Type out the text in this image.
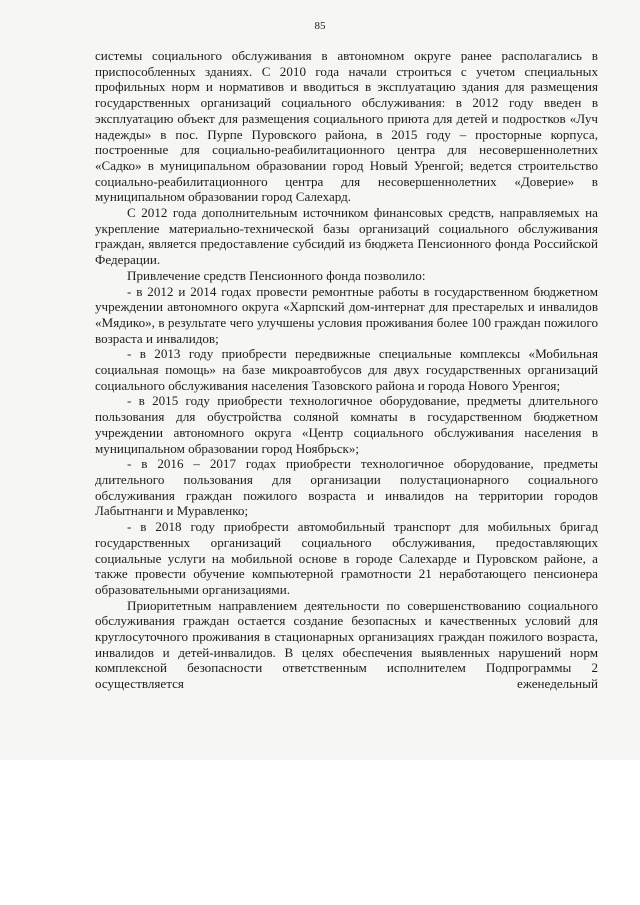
85

системы социального обслуживания в автономном округе ранее располагались в приспособленных зданиях. С 2010 года начали строиться с учетом специальных профильных норм и нормативов и вводиться в эксплуатацию здания для размещения государственных организаций социального обслуживания: в 2012 году введен в эксплуатацию объект для размещения социального приюта для детей и подростков «Луч надежды» в пос. Пурпе Пуровского района, в 2015 году – просторные корпуса, построенные для социально-реабилитационного центра для несовершеннолетних «Садко» в муниципальном образовании город Новый Уренгой; ведется строительство социально-реабилитационного центра для несовершеннолетних «Доверие» в муниципальном образовании город Салехард.

С 2012 года дополнительным источником финансовых средств, направляемых на укрепление материально-технической базы организаций социального обслуживания граждан, является предоставление субсидий из бюджета Пенсионного фонда Российской Федерации.

Привлечение средств Пенсионного фонда позволило:

- в 2012 и 2014 годах провести ремонтные работы в государственном бюджетном учреждении автономного округа «Харпский дом-интернат для престарелых и инвалидов «Мядико», в результате чего улучшены условия проживания более 100 граждан пожилого возраста и инвалидов;

- в 2013 году приобрести передвижные специальные комплексы «Мобильная социальная помощь» на базе микроавтобусов для двух государственных организаций социального обслуживания населения Тазовского района и города Нового Уренгоя;

- в 2015 году приобрести технологичное оборудование, предметы длительного пользования для обустройства соляной комнаты в государственном бюджетном учреждении автономного округа «Центр социального обслуживания населения в муниципальном образовании город Ноябрьск»;

- в 2016 – 2017 годах приобрести технологичное оборудование, предметы длительного пользования для организации полустационарного социального обслуживания граждан пожилого возраста и инвалидов на территории городов Лабытнанги и Муравленко;

- в 2018 году приобрести автомобильный транспорт для мобильных бригад государственных организаций социального обслуживания, предоставляющих социальные услуги на мобильной основе в городе Салехарде и Пуровском районе, а также провести обучение компьютерной грамотности 21 неработающего пенсионера образовательными организациями.

Приоритетным направлением деятельности по совершенствованию социального обслуживания граждан остается создание безопасных и качественных условий для круглосуточного проживания в стационарных организациях граждан пожилого возраста, инвалидов и детей-инвалидов. В целях обеспечения выявленных нарушений норм комплексной безопасности ответственным исполнителем Подпрограммы 2 осуществляется еженедельный
